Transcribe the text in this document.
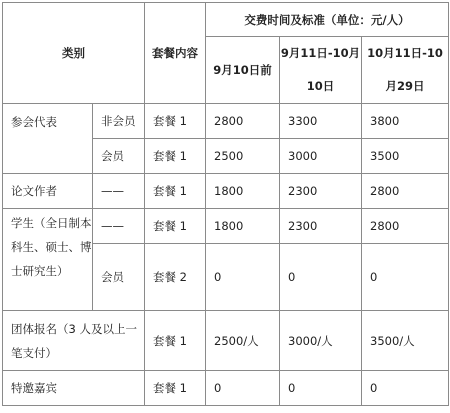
类别		套餐内容	交费时间及标准（单位：元/人）		
			9月10日前	9月11日-10月10日	10月11日-10月29日

参会代表	非会员	套餐 1	2800	3300	3800
	会员	套餐 1	2500	3000	3500
论文作者	——	套餐 1	1800	2300	2800
学生（全日制本科生、硕士、博士研究生）	——	套餐 1	1800	2300	2800
	会员	套餐 2	0	0	0
团体报名（3 人及以上一笔支付）		套餐 1	2500/人	3000/人	3500/人
特邀嘉宾		套餐 1	0	0	0
